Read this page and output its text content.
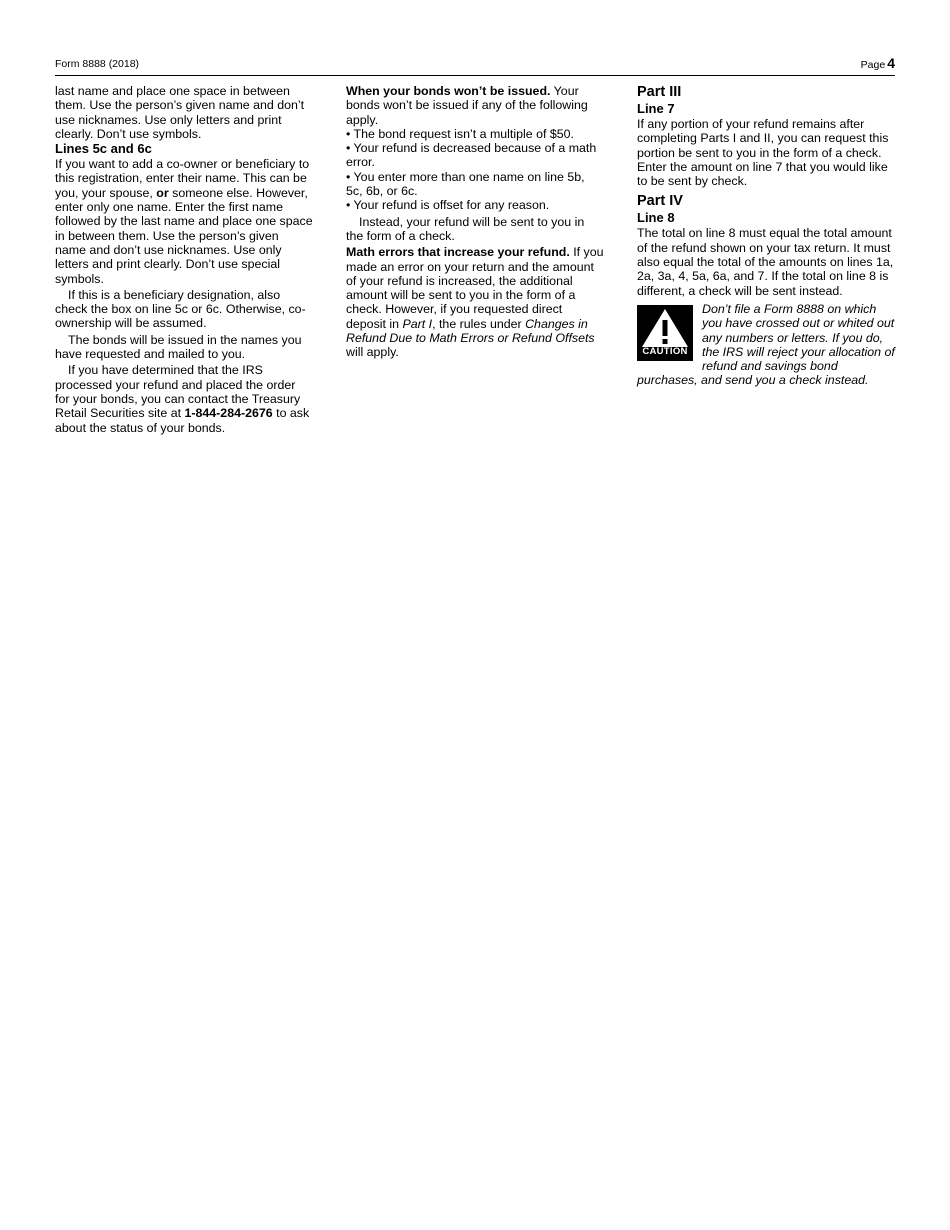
Form 8888 (2018)	Page 4

last name and place one space in between them. Use the person’s given name and don’t use nicknames. Use only letters and print clearly. Don’t use symbols.

Lines 5c and 6c

If you want to add a co-owner or beneficiary to this registration, enter their name. This can be you, your spouse, or someone else. However, enter only one name. Enter the first name followed by the last name and place one space in between them. Use the person’s given name and don’t use nicknames. Use only letters and print clearly. Don’t use special symbols.

If this is a beneficiary designation, also check the box on line 5c or 6c. Otherwise, co-ownership will be assumed.

The bonds will be issued in the names you have requested and mailed to you.

If you have determined that the IRS processed your refund and placed the order for your bonds, you can contact the Treasury Retail Securities site at 1-844-284-2676 to ask about the status of your bonds.

When your bonds won’t be issued. Your bonds won’t be issued if any of the following apply.

• The bond request isn’t a multiple of $50.

• Your refund is decreased because of a math error.

• You enter more than one name on line 5b, 5c, 6b, or 6c.

• Your refund is offset for any reason.

Instead, your refund will be sent to you in the form of a check.

Math errors that increase your refund. If you made an error on your return and the amount of your refund is increased, the additional amount will be sent to you in the form of a check. However, if you requested direct deposit in Part I, the rules under Changes in Refund Due to Math Errors or Refund Offsets will apply.

Part III

Line 7

If any portion of your refund remains after completing Parts I and II, you can request this portion be sent to you in the form of a check. Enter the amount on line 7 that you would like to be sent by check.

Part IV

Line 8

The total on line 8 must equal the total amount of the refund shown on your tax return. It must also equal the total of the amounts on lines 1a, 2a, 3a, 4, 5a, 6a, and 7. If the total on line 8 is different, a check will be sent instead.

CAUTION
Don’t file a Form 8888 on which you have crossed out or whited out any numbers or letters. If you do, the IRS will reject your allocation of refund and savings bond purchases, and send you a check instead.
